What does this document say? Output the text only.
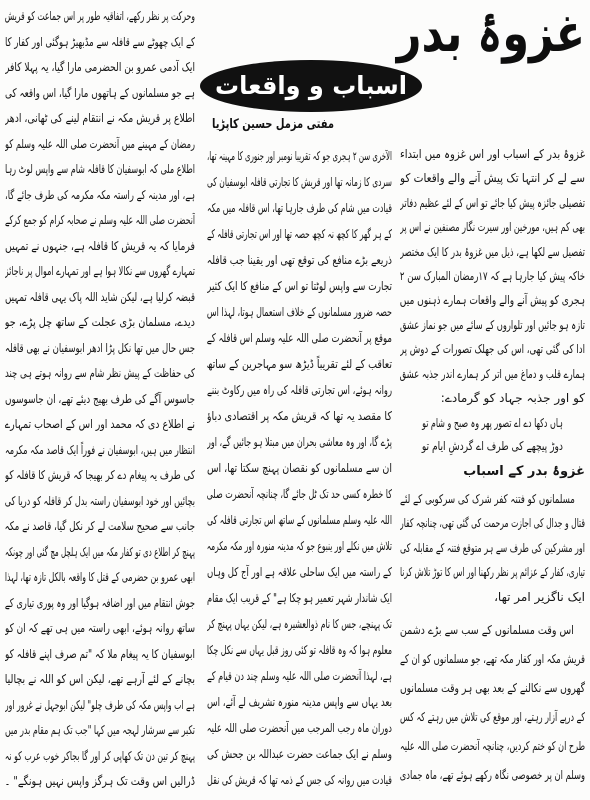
غزوۂ بدر
اسباب و واقعات
مفتی مزمل حسین کاپڑیا
غزوۂ بدر کے اسباب اور اس غزوہ میں ابتداء
سے لے کر انتہا تک پیش آنے والے واقعات کو
تفصیلی جائزہ پیش کیا جائے تو اس کے لئے عظیم دفاتر
بھی کم ہیں، مورخین اور سیرت نگار مصنفین نے اس پر
تفصیل سے لکھا ہے، ذیل میں غزوۂ بدر کا ایک مختصر
خاکہ پیش کیا جارہا ہے کہ ۱۷رمضان المبارک سن ۲
ہجری کو پیش آنے والے واقعات ہمارے ذہنوں میں
تازہ ہو جائیں اور تلواروں کے سائے میں جو نماز عشق
ادا کی گئی تھی، اس کی جھلک تصورات کے دوش پر
ہمارے قلب و دماغ میں اتر کر ہمارے اندر جذبہ عشق
کو اور جذبہ جہاد کو گرمادے:
ہاں دکھا دے اے تصور پھر وہ صبح و شام تو
دوڑ پیچھے کی طرف اے گردشِ ایام تو
غزوۂ بدر کے اسباب
مسلمانوں کو فتنہ کفر شرک کی سرکوبی کے لئے
قتال و جدال کی اجازت مرحمت کی گئی تھی، چنانچہ کفار
اور مشرکین کی طرف سے ہر متوقع فتنہ کے مقابلہ کی
تیاری، کفار کے عزائم پر نظر رکھنا اور اس کا توڑ تلاش کرنا
ایک ناگزیر امر تھا،
اس وقت مسلمانوں کے سب سے بڑے دشمن
قریش مکہ اور کفار مکہ تھے، جو مسلمانوں کو ان کے
گھروں سے نکالنے کے بعد بھی ہر وقت مسلمانوں
کے درپے آزار رہتے، اور موقع کی تلاش میں رہتے کہ کس
طرح ان کو ختم کردیں، چنانچہ آنحضرت صلی اللہ علیہ
وسلم ان پر خصوصی نگاہ رکھے ہوئے تھے، ماہ جمادی
الآخری سن ۲ ہجری جو کہ تقریبا نومبر اور جنوری کا مہینہ تھا،
سردی کا زمانہ تھا اور قریش کا تجارتی قافلہ ابوسفیان کی
قیادت میں شام کی طرف جارہا تھا، اس قافلہ میں مکہ
کے ہر گھر کا کچھ نہ کچھ حصہ تھا اور اس تجارتی قافلہ کے
ذریعے بڑے منافع کی توقع تھی اور یقینا جب قافلہ
تجارت سے واپس لوٹتا تو اس کے منافع کا ایک کثیر
حصہ ضرور مسلمانوں کے خلاف استعمال ہوتا، لہذا اس
موقع پر آنحضرت صلی اللہ علیہ وسلم اس قافلہ کے
تعاقب کے لئے تقریباً ڈیڑھ سو مہاجرین کے ساتھ
روانہ ہوئے، اس تجارتی قافلہ کی راہ میں رکاوٹ بننے
کا مقصد یہ تھا کہ قریش مکہ پر اقتصادی دباؤ
پڑے گا، اور وہ معاشی بحران میں مبتلا ہو جائیں گے، اور
ان سے مسلمانوں کو نقصان پہنچ سکتا تھا، اس
کا خطرہ کسی حد تک ٹل جائے گا، چنانچہ آنحضرت صلی
اللہ علیہ وسلم مسلمانوں کے ساتھ اس تجارتی قافلہ کی
تلاش میں نکلے اور ینبوع جو کہ مدینہ منورہ اور مکہ مکرمہ
کے راستہ میں ایک ساحلی علاقہ ہے اور آج کل وہاں
ایک شاندار شہر تعمیر ہو چکا ہے" کے قریب ایک مقام
تک پہنچے، جس کا نام ذوالعشیرہ ہے، لیکن یہاں پہنچ کر
معلوم ہوا کہ وہ قافلہ تو کئی روز قبل یہاں سے نکل چکا
ہے، لہذا آنحضرت صلی اللہ علیہ وسلم چند دن قیام کے
بعد یہاں سے واپس مدینہ منورہ تشریف لے آئے، اس
دوران ماہ رجب المرجب میں آنحضرت صلی اللہ علیہ
وسلم نے ایک جماعت حضرت عبداللہ بن جحش کی
قیادت میں روانہ کی جس کے ذمہ تھا کہ قریش کی نقل
وحرکت پر نظر رکھے، اتفاقیہ طور پر اس جماعت کو قریش
کے ایک چھوٹے سے قافلہ سے مڈبھیڑ ہوگئی اور کفار کا
ایک آدمی عمرو بن الحضرمی مارا گیا، یہ پہلا کافر
ہے جو مسلمانوں کے ہاتھوں مارا گیا، اس واقعہ کی
اطلاع پر قریش مکہ نے انتقام لینے کی ٹھانی، ادھر
رمضان کے مہینے میں آنحضرت صلی اللہ علیہ وسلم کو
اطلاع ملی کہ ابوسفیان کا قافلہ شام سے واپس لوٹ رہا
ہے، اور مدینہ کے راستہ مکہ مکرمہ کی طرف جائے گا،
آنحضرت صلی اللہ علیہ وسلم نے صحابہ کرام کو جمع کرکے
فرمایا کہ یہ قریش کا قافلہ ہے، جنہوں نے تمہیں
تمہارے گھروں سے نکالا ہوا ہے اور تمہارے اموال پر ناجائز
قبضہ کرلیا ہے، لیکن شاید اللہ پاک یہی قافلہ تمہیں
دیدے، مسلمان بڑی عجلت کے ساتھ چل پڑے، جو
جس حال میں تھا نکل پڑا ادھر ابوسفیان نے بھی قافلہ
کی حفاظت کے پیش نظر شام سے روانہ ہوتے ہی چند
جاسوس آگے کی طرف بھیج دیئے تھے، ان جاسوسوں
نے اطلاع دی کہ محمد اور اس کے اصحاب تمہارے
انتظار میں ہیں، ابوسفیان نے فوراً ایک قاصد مکہ مکرمہ
کی طرف یہ پیغام دے کر بھیجا کہ قریش کا قافلہ کو
بچائیں اور خود ابوسفیان راستہ بدل کر قافلہ کو دریا کی
جانب سے صحیح سلامت لے کر نکل گیا، قاصد نے مکہ
پہنچ کر اطلاع دی تو کفار مکہ میں ایک ہلچل مچ گئی اور چونکہ
ابھی عمرو بن حضرمی کے قتل کا واقعہ بالکل تازہ تھا، لہذا
جوش انتقام میں اور اضافہ ہوگیا اور وہ پوری تیاری کے
ساتھ روانہ ہوئے، ابھی راستہ میں ہی تھے کہ ان کو
ابوسفیان کا یہ پیغام ملا کہ "تم صرف اپنے قافلہ کو
بچانے کے لئے آرہے تھے، لیکن اس کو اللہ نے بچالیا
ہے اب واپس مکہ کی طرف چلو" لیکن ابوجہل نے غرور اور
تکبر سے سرشار لہجہ میں کہا "جب تک ہم مقام بدر میں
پہنچ کر تین دن تک کھاپی کر اور گا بجاکر خوب عرب کو نہ
ڈرالیں اس وقت تک ہرگز واپس نہیں ہونگے" ۔
